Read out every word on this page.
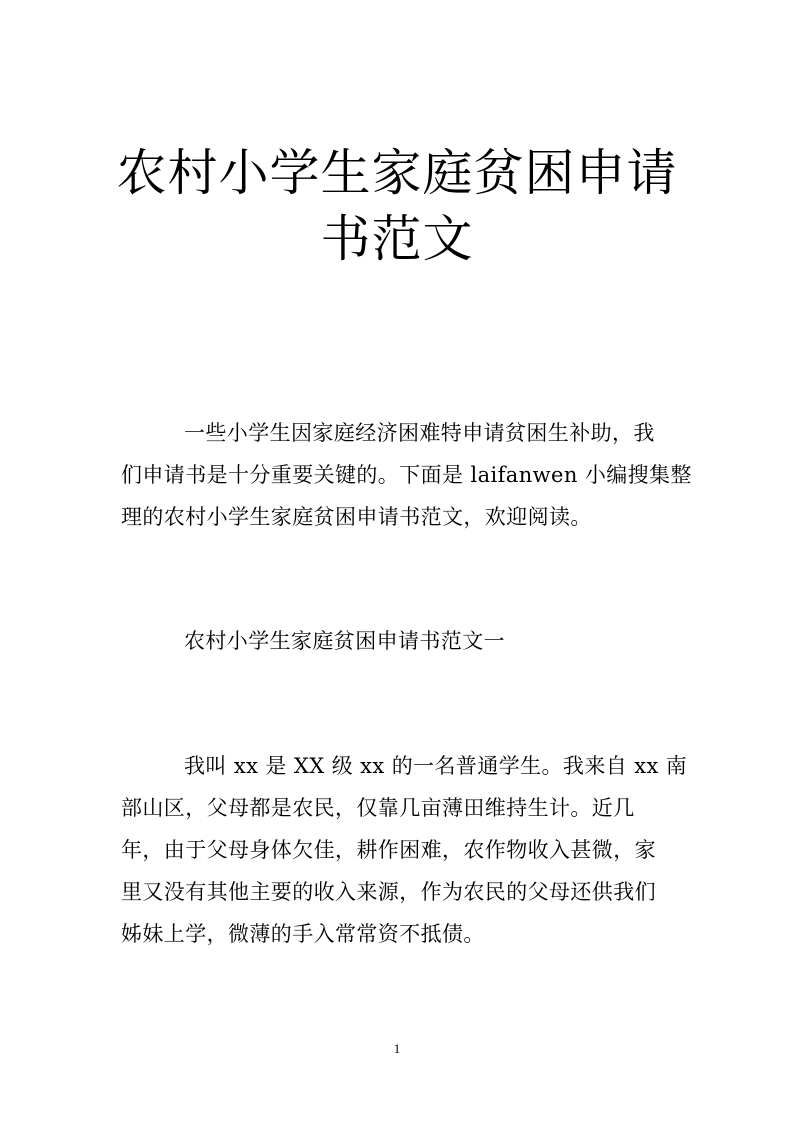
农村小学生家庭贫困申请
书范文
一些小学生因家庭经济困难特申请贫困生补助，我
们申请书是十分重要关键的。下面是 laifanwen 小编搜集整
理的农村小学生家庭贫困申请书范文，欢迎阅读。
农村小学生家庭贫困申请书范文一
我叫 xx 是 XX 级 xx 的一名普通学生。我来自 xx 南
部山区，父母都是农民，仅靠几亩薄田维持生计。近几
年，由于父母身体欠佳，耕作困难，农作物收入甚微，家
里又没有其他主要的收入来源，作为农民的父母还供我们
姊妹上学，微薄的手入常常资不抵债。
1
